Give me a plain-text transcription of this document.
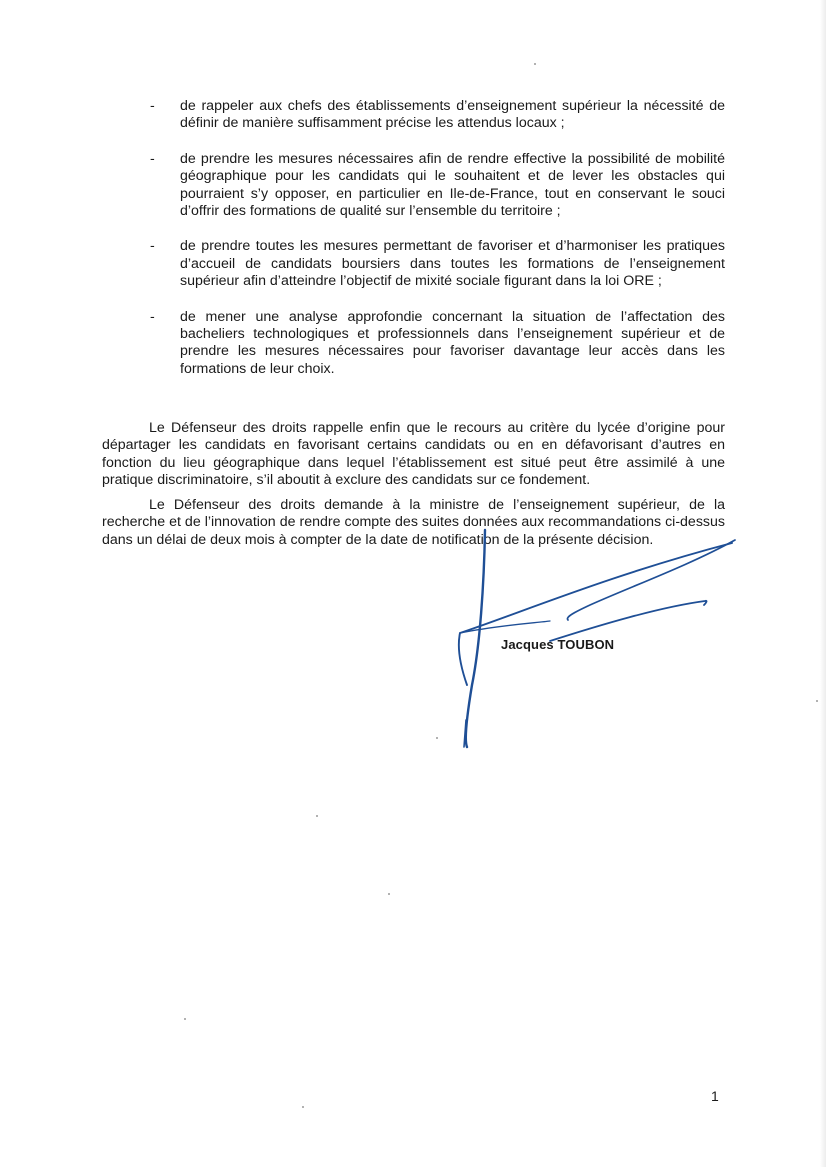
-	de rappeler aux chefs des établissements d’enseignement supérieur la nécessité de définir de manière suffisamment précise les attendus locaux ;
-	de prendre les mesures nécessaires afin de rendre effective la possibilité de mobilité géographique pour les candidats qui le souhaitent et de lever les obstacles qui pourraient s’y opposer, en particulier en Ile-de-France, tout en conservant le souci d’offrir des formations de qualité sur l’ensemble du territoire ;
-	de prendre toutes les mesures permettant de favoriser et d’harmoniser les pratiques d’accueil de candidats boursiers dans toutes les formations de l’enseignement supérieur afin d’atteindre l’objectif de mixité sociale figurant dans la loi ORE ;
-	de mener une analyse approfondie concernant la situation de l’affectation des bacheliers technologiques et professionnels dans l’enseignement supérieur et de prendre les mesures nécessaires pour favoriser davantage leur accès dans les formations de leur choix.

Le Défenseur des droits rappelle enfin que le recours au critère du lycée d’origine pour départager les candidats en favorisant certains candidats ou en en défavorisant d’autres en fonction du lieu géographique dans lequel l’établissement est situé peut être assimilé à une pratique discriminatoire, s’il aboutit à exclure des candidats sur ce fondement.

Le Défenseur des droits demande à la ministre de l’enseignement supérieur, de la recherche et de l’innovation de rendre compte des suites données aux recommandations ci-dessus dans un délai de deux mois à compter de la date de notification de la présente décision.

Jacques TOUBON

1
